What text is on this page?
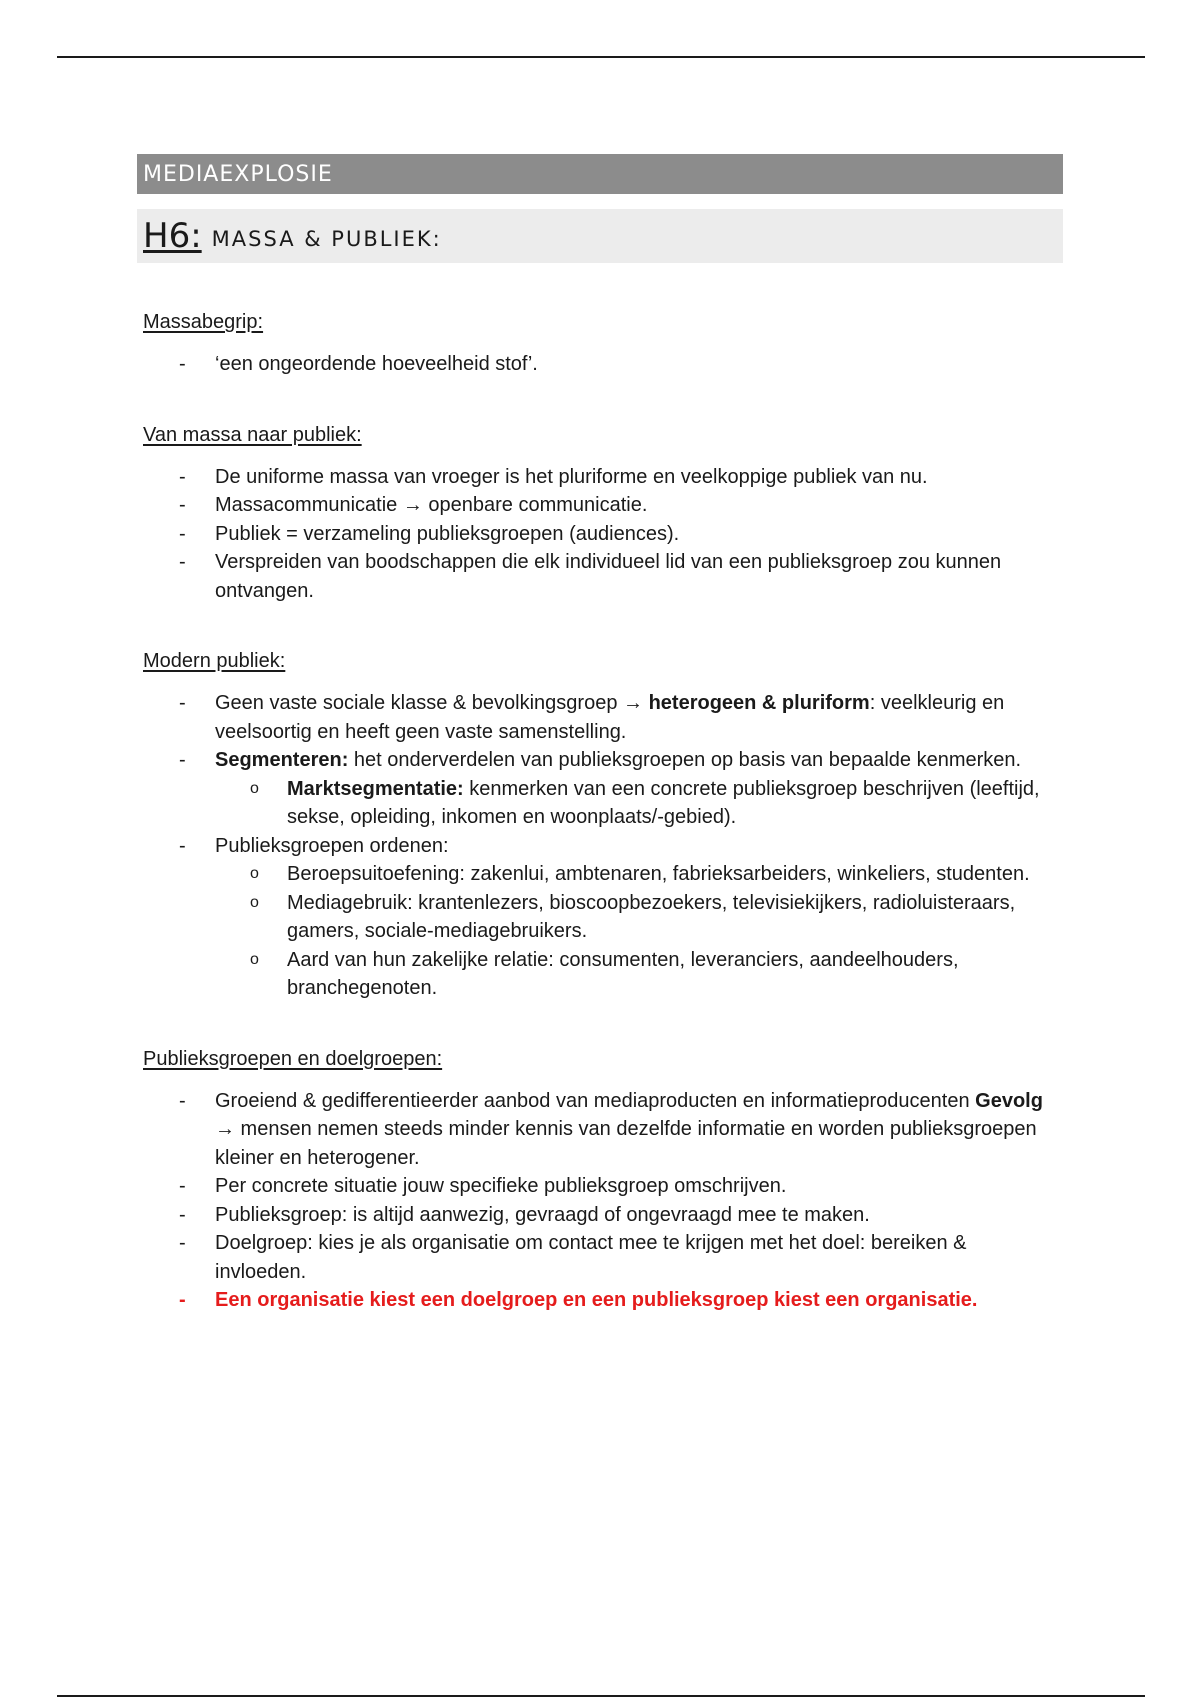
MEDIAEXPLOSIE
H6: MASSA & PUBLIEK:
Massabegrip:
- ‘een ongeordende hoeveelheid stof’.
Van massa naar publiek:
- De uniforme massa van vroeger is het pluriforme en veelkoppige publiek van nu.
- Massacommunicatie → openbare communicatie.
- Publiek = verzameling publieksgroepen (audiences).
- Verspreiden van boodschappen die elk individueel lid van een publieksgroep zou kunnen ontvangen.
Modern publiek:
- Geen vaste sociale klasse & bevolkingsgroep → heterogeen & pluriform: veelkleurig en veelsoortig en heeft geen vaste samenstelling.
- Segmenteren: het onderverdelen van publieksgroepen op basis van bepaalde kenmerken.
o Marktsegmentatie: kenmerken van een concrete publieksgroep beschrijven (leeftijd, sekse, opleiding, inkomen en woonplaats/-gebied).
- Publieksgroepen ordenen:
o Beroepsuitoefening: zakenlui, ambtenaren, fabrieksarbeiders, winkeliers, studenten.
o Mediagebruik: krantenlezers, bioscoopbezoekers, televisiekijkers, radioluisteraars, gamers, sociale-mediagebruikers.
o Aard van hun zakelijke relatie: consumenten, leveranciers, aandeelhouders, branchegenoten.
Publieksgroepen en doelgroepen:
- Groeiend & gedifferentieerder aanbod van mediaproducten en informatieproducenten Gevolg → mensen nemen steeds minder kennis van dezelfde informatie en worden publieksgroepen kleiner en heterogener.
- Per concrete situatie jouw specifieke publieksgroep omschrijven.
- Publieksgroep: is altijd aanwezig, gevraagd of ongevraagd mee te maken.
- Doelgroep: kies je als organisatie om contact mee te krijgen met het doel: bereiken & invloeden.
- Een organisatie kiest een doelgroep en een publieksgroep kiest een organisatie.
